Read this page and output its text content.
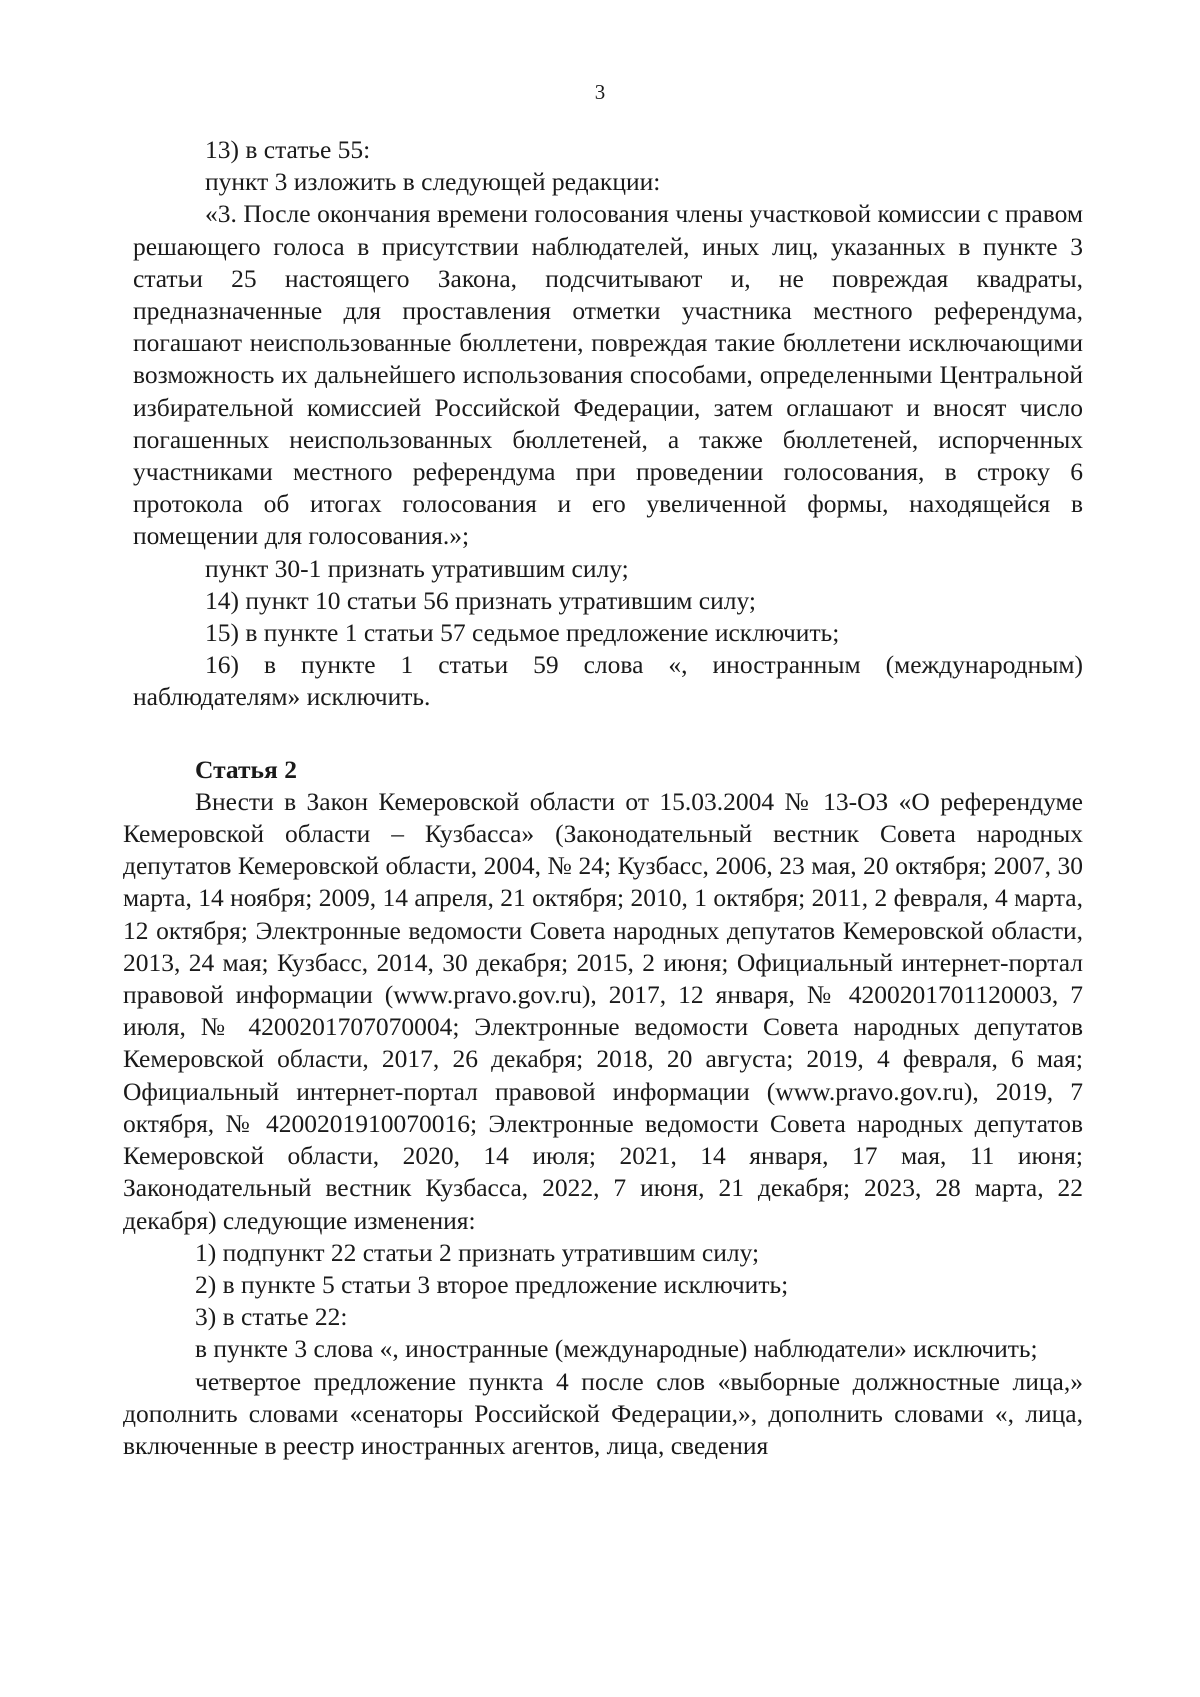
3

13) в статье 55:

пункт 3 изложить в следующей редакции:

«3. После окончания времени голосования члены участковой комиссии с правом решающего голоса в присутствии наблюдателей, иных лиц, указанных в пункте 3 статьи 25 настоящего Закона, подсчитывают и, не повреждая квадраты, предназначенные для проставления отметки участника местного референдума, погашают неиспользованные бюллетени, повреждая такие бюллетени исключающими возможность их дальнейшего использования способами, определенными Центральной избирательной комиссией Российской Федерации, затем оглашают и вносят число погашенных неиспользованных бюллетеней, а также бюллетеней, испорченных участниками местного референдума при проведении голосования, в строку 6 протокола об итогах голосования и его увеличенной формы, находящейся в помещении для голосования.»;

пункт 30-1 признать утратившим силу;

14) пункт 10 статьи 56 признать утратившим силу;

15) в пункте 1 статьи 57 седьмое предложение исключить;

16) в пункте 1 статьи 59 слова «, иностранным (международным) наблюдателям» исключить.

Статья 2

Внести в Закон Кемеровской области от 15.03.2004 № 13-ОЗ «О референдуме Кемеровской области – Кузбасса» (Законодательный вестник Совета народных депутатов Кемеровской области, 2004, № 24; Кузбасс, 2006, 23 мая, 20 октября; 2007, 30 марта, 14 ноября; 2009, 14 апреля, 21 октября; 2010, 1 октября; 2011, 2 февраля, 4 марта, 12 октября; Электронные ведомости Совета народных депутатов Кемеровской области, 2013, 24 мая; Кузбасс, 2014, 30 декабря; 2015, 2 июня; Официальный интернет-портал правовой информации (www.pravo.gov.ru), 2017, 12 января, № 4200201701120003, 7 июля, № 4200201707070004; Электронные ведомости Совета народных депутатов Кемеровской области, 2017, 26 декабря; 2018, 20 августа; 2019, 4 февраля, 6 мая; Официальный интернет-портал правовой информации (www.pravo.gov.ru), 2019, 7 октября, № 4200201910070016; Электронные ведомости Совета народных депутатов Кемеровской области, 2020, 14 июля; 2021, 14 января, 17 мая, 11 июня; Законодательный вестник Кузбасса, 2022, 7 июня, 21 декабря; 2023, 28 марта, 22 декабря) следующие изменения:

1) подпункт 22 статьи 2 признать утратившим силу;

2) в пункте 5 статьи 3 второе предложение исключить;

3) в статье 22:

в пункте 3 слова «, иностранные (международные) наблюдатели» исключить;

четвертое предложение пункта 4 после слов «выборные должностные лица,» дополнить словами «сенаторы Российской Федерации,», дополнить словами «, лица, включенные в реестр иностранных агентов, лица, сведения
